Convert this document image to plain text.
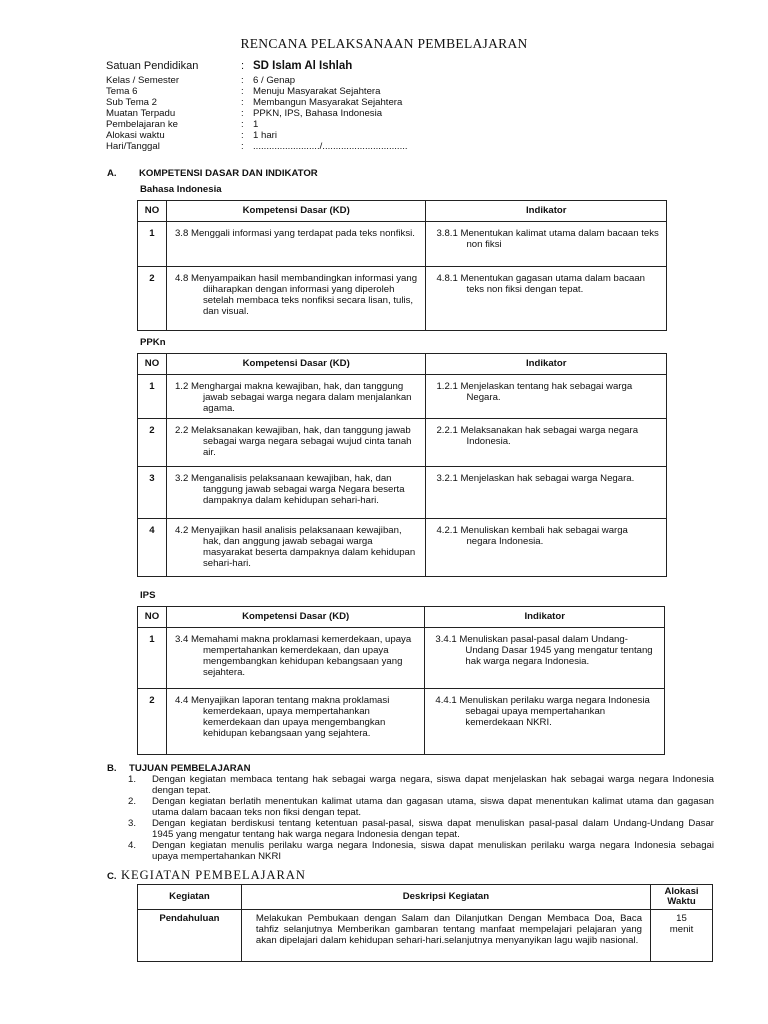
RENCANA PELAKSANAAN PEMBELAJARAN
Satuan Pendidikan	: SD Islam Al Ishlah
Kelas / Semester	: 6 / Genap
Tema 6	: Menuju Masyarakat Sejahtera
Sub Tema 2	: Membangun Masyarakat Sejahtera
Muatan Terpadu	: PPKN, IPS, Bahasa Indonesia
Pembelajaran ke	: 1
Alokasi waktu	: 1 hari
Hari/Tanggal	: ........................./................................
A. KOMPETENSI DASAR DAN INDIKATOR
Bahasa Indonesia
NO	Kompetensi Dasar (KD)	Indikator
1	3.8 Menggali informasi yang terdapat pada teks nonfiksi.	3.8.1 Menentukan kalimat utama dalam bacaan teks non fiksi

2	4.8 Menyampaikan hasil membandingkan informasi yang diiharapkan dengan informasi yang diperoleh setelah membaca teks nonfiksi secara lisan, tulis, dan visual.	4.8.1 Menentukan gagasan utama dalam bacaan teks non fiksi dengan tepat.
PPKn
NO	Kompetensi Dasar (KD)	Indikator
1	1.2 Menghargai makna kewajiban, hak, dan tanggung jawab sebagai warga negara dalam menjalankan agama.	1.2.1 Menjelaskan tentang hak sebagai warga Negara.

2	2.2 Melaksanakan kewajiban, hak, dan tanggung jawab sebagai warga negara sebagai wujud cinta tanah air.	2.2.1 Melaksanakan hak sebagai warga negara Indonesia.

3	3.2 Menganalisis pelaksanaan kewajiban, hak, dan tanggung jawab sebagai warga Negara beserta dampaknya dalam kehidupan sehari-hari.	3.2.1 Menjelaskan hak sebagai warga Negara.

4	4.2 Menyajikan hasil analisis pelaksanaan kewajiban, hak, dan anggung jawab sebagai warga masyarakat beserta dampaknya dalam kehidupan sehari-hari.	4.2.1 Menuliskan kembali hak sebagai warga negara Indonesia.
IPS
NO	Kompetensi Dasar (KD)	Indikator
1	3.4 Memahami makna proklamasi kemerdekaan, upaya mempertahankan kemerdekaan, dan upaya mengembangkan kehidupan kebangsaan yang sejahtera.	3.4.1 Menuliskan pasal-pasal dalam Undang-Undang Dasar 1945 yang mengatur tentang hak warga negara Indonesia.

2	4.4 Menyajikan laporan tentang makna proklamasi kemerdekaan, upaya mempertahankan kemerdekaan dan upaya mengembangkan kehidupan kebangsaan yang sejahtera.	4.4.1 Menuliskan perilaku warga negara Indonesia sebagai upaya mempertahankan kemerdekaan NKRI.
B. TUJUAN PEMBELAJARAN
1.	Dengan kegiatan membaca tentang hak sebagai warga negara, siswa dapat menjelaskan hak sebagai warga negara Indonesia dengan tepat.
2.	Dengan kegiatan berlatih menentukan kalimat utama dan gagasan utama, siswa dapat menentukan kalimat utama dan gagasan utama dalam bacaan teks non fiksi dengan tepat.
3.	Dengan kegiatan berdiskusi tentang ketentuan pasal-pasal, siswa dapat menuliskan pasal-pasal dalam Undang-Undang Dasar 1945 yang mengatur tentang hak warga negara Indonesia dengan tepat.
4.	Dengan kegiatan menulis perilaku warga negara Indonesia, siswa dapat menuliskan perilaku warga negara Indonesia sebagai upaya mempertahankan NKRI
C. KEGIATAN PEMBELAJARAN
Kegiatan	Deskripsi Kegiatan	Alokasi Waktu
Pendahuluan	Melakukan Pembukaan dengan Salam dan Dilanjutkan Dengan Membaca Doa, Baca tahfiz selanjutnya Memberikan gambaran tentang manfaat mempelajari pelajaran yang akan dipelajari dalam kehidupan sehari-hari.selanjutnya menyanyikan lagu wajib nasional.	15
menit
